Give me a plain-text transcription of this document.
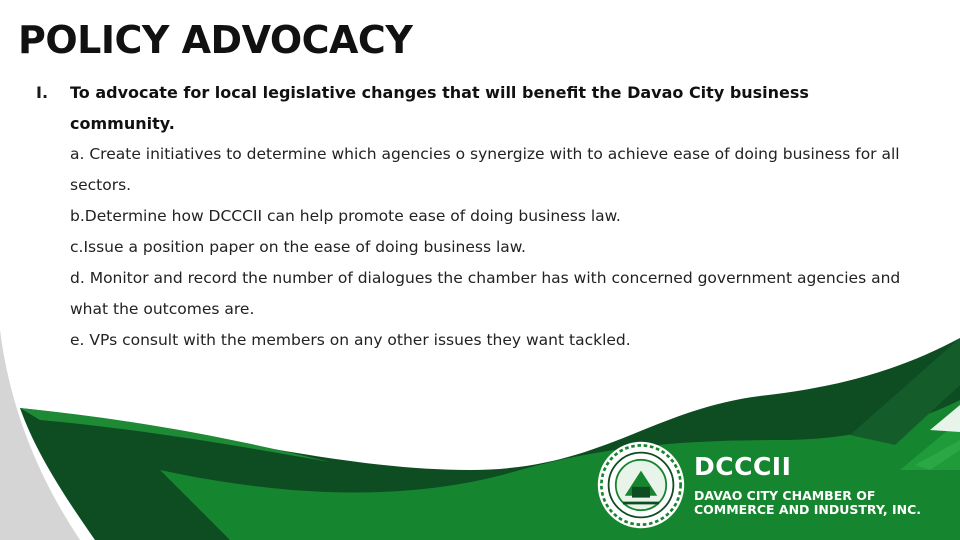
POLICY ADVOCACY
I.	To advocate for local legislative changes that will benefit the Davao City business community.
a. Create initiatives to determine which agencies o synergize with to achieve ease of doing business for all sectors.
b.Determine how DCCCII can help promote ease of doing business law.
c.Issue a position paper on the ease of doing business law.
d. Monitor and record the number of dialogues the chamber has with concerned government agencies and what the outcomes are.
e. VPs consult with the members on any other issues they want tackled.
DCCCII
DAVAO CITY CHAMBER OF COMMERCE AND INDUSTRY, INC.
